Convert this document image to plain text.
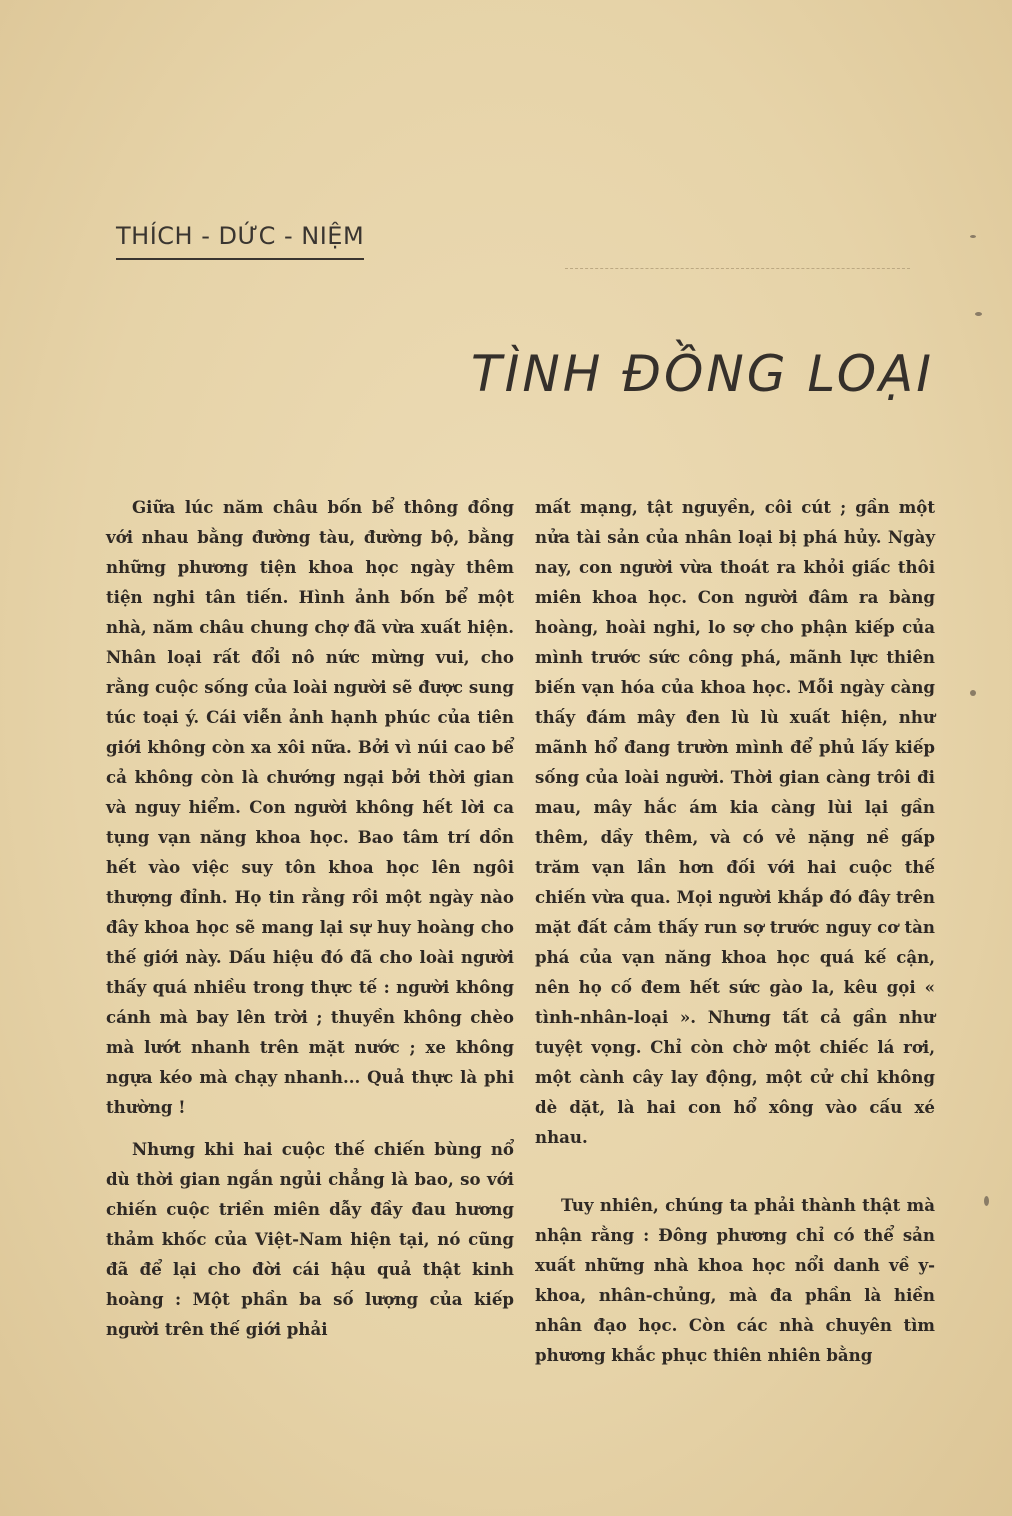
THÍCH - DỨC - NIỆM
TÌNH ĐỒNG LOẠI

Giữa lúc năm châu bốn bể thông đồng với nhau bằng đường tàu, đường bộ, bằng những phương tiện khoa học ngày thêm tiện nghi tân tiến. Hình ảnh bốn bể một nhà, năm châu chung chợ đã vừa xuất hiện. Nhân loại rất đổi nô nức mừng vui, cho rằng cuộc sống của loài người sẽ được sung túc toại ý. Cái viễn ảnh hạnh phúc của tiên giới không còn xa xôi nữa. Bởi vì núi cao bể cả không còn là chướng ngại bởi thời gian và nguy hiểm. Con người không hết lời ca tụng vạn năng khoa học. Bao tâm trí dồn hết vào việc suy tôn khoa học lên ngôi thượng đỉnh. Họ tin rằng rồi một ngày nào đây khoa học sẽ mang lại sự huy hoàng cho thế giới này. Dấu hiệu đó đã cho loài người thấy quá nhiều trong thực tế : người không cánh mà bay lên trời ; thuyền không chèo mà lướt nhanh trên mặt nước ; xe không ngựa kéo mà chạy nhanh... Quả thực là phi thường !

Nhưng khi hai cuộc thế chiến bùng nổ dù thời gian ngắn ngủi chẳng là bao, so với chiến cuộc triền miên dẫy đầy đau hương thảm khốc của Việt-Nam hiện tại, nó cũng đã để lại cho đời cái hậu quả thật kinh hoàng : Một phần ba số lượng của kiếp người trên thế giới phải

mất mạng, tật nguyền, côi cút ; gần một nửa tài sản của nhân loại bị phá hủy. Ngày nay, con người vừa thoát ra khỏi giấc thôi miên khoa học. Con người đâm ra bàng hoàng, hoài nghi, lo sợ cho phận kiếp của mình trước sức công phá, mãnh lực thiên biến vạn hóa của khoa học. Mỗi ngày càng thấy đám mây đen lù lù xuất hiện, như mãnh hổ đang trườn mình để phủ lấy kiếp sống của loài người. Thời gian càng trôi đi mau, mây hắc ám kia càng lùi lại gần thêm, dầy thêm, và có vẻ nặng nề gấp trăm vạn lần hơn đối với hai cuộc thế chiến vừa qua. Mọi người khắp đó đây trên mặt đất cảm thấy run sợ trước nguy cơ tàn phá của vạn năng khoa học quá kế cận, nên họ cố đem hết sức gào la, kêu gọi « tình-nhân-loại ». Nhưng tất cả gần như tuyệt vọng. Chỉ còn chờ một chiếc lá rơi, một cành cây lay động, một cử chỉ không dè dặt, là hai con hổ xông vào cấu xé nhau.

Tuy nhiên, chúng ta phải thành thật mà nhận rằng : Đông phương chỉ có thể sản xuất những nhà khoa học nổi danh về y-khoa, nhân-chủng, mà đa phần là hiền nhân đạo học. Còn các nhà chuyên tìm phương khắc phục thiên nhiên bằng
